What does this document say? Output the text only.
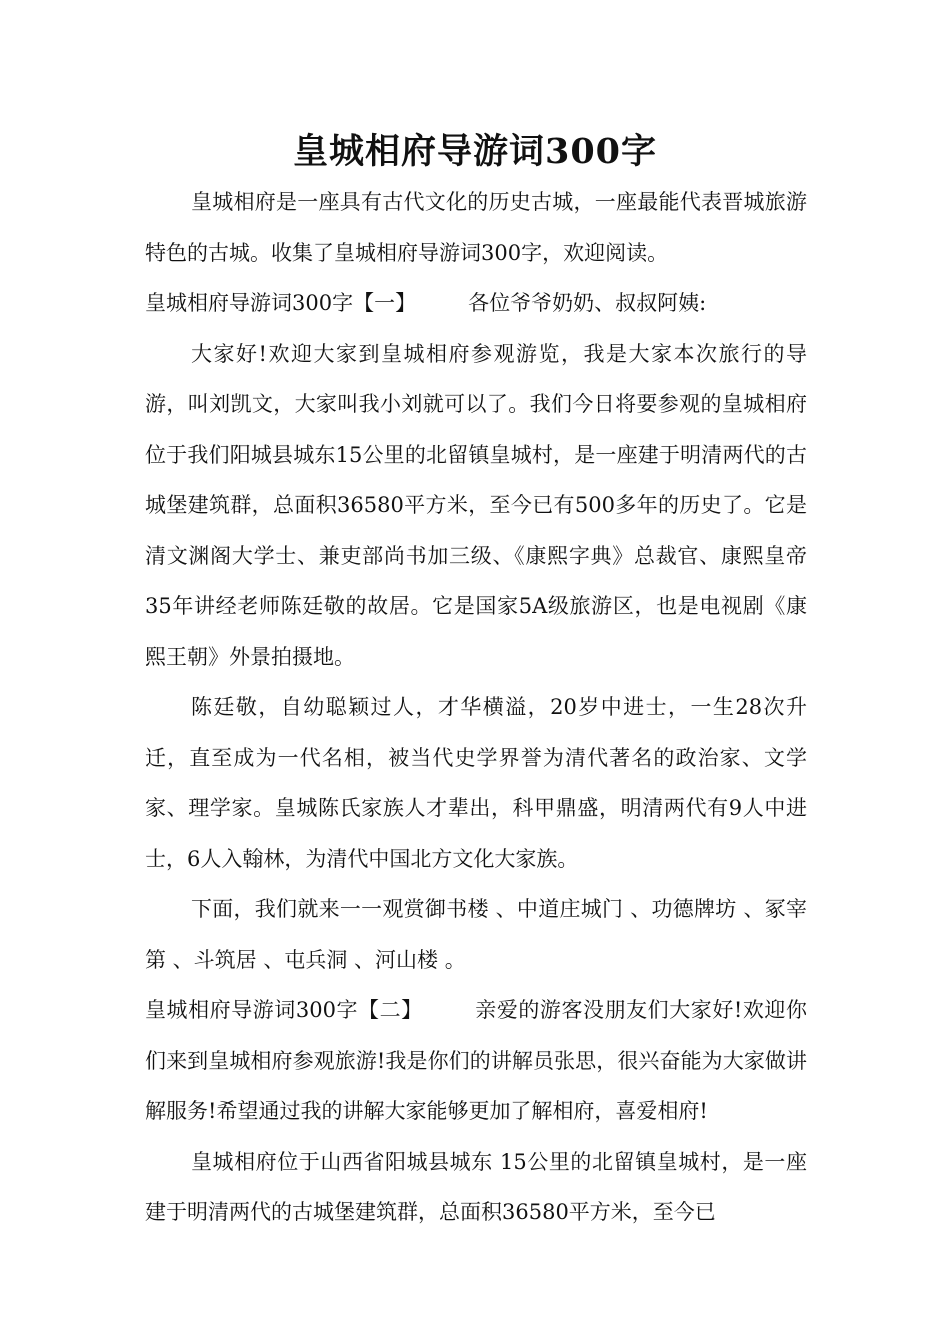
皇城相府导游词300字

皇城相府是一座具有古代文化的历史古城，一座最能代表晋城旅游特色的古城。收集了皇城相府导游词300字，欢迎阅读。

皇城相府导游词300字【一】 各位爷爷奶奶、叔叔阿姨:

大家好!欢迎大家到皇城相府参观游览，我是大家本次旅行的导游，叫刘凯文，大家叫我小刘就可以了。我们今日将要参观的皇城相府位于我们阳城县城东15公里的北留镇皇城村，是一座建于明清两代的古城堡建筑群，总面积36580平方米，至今已有500多年的历史了。它是清文渊阁大学士、兼吏部尚书加三级、《康熙字典》总裁官、康熙皇帝35年讲经老师陈廷敬的故居。它是国家5A级旅游区，也是电视剧《康熙王朝》外景拍摄地。

陈廷敬，自幼聪颖过人，才华横溢，20岁中进士，一生28次升迁，直至成为一代名相，被当代史学界誉为清代著名的政治家、文学家、理学家。皇城陈氏家族人才辈出，科甲鼎盛，明清两代有9人中进士，6人入翰林，为清代中国北方文化大家族。

下面，我们就来一一观赏御书楼 、中道庄城门 、功德牌坊 、冢宰第 、斗筑居 、屯兵洞 、河山楼 。

皇城相府导游词300字【二】 亲爱的游客没朋友们大家好!欢迎你们来到皇城相府参观旅游!我是你们的讲解员张思，很兴奋能为大家做讲解服务!希望通过我的讲解大家能够更加了解相府，喜爱相府!

皇城相府位于山西省阳城县城东 15公里的北留镇皇城村，是一座建于明清两代的古城堡建筑群，总面积36580平方米，至今已
